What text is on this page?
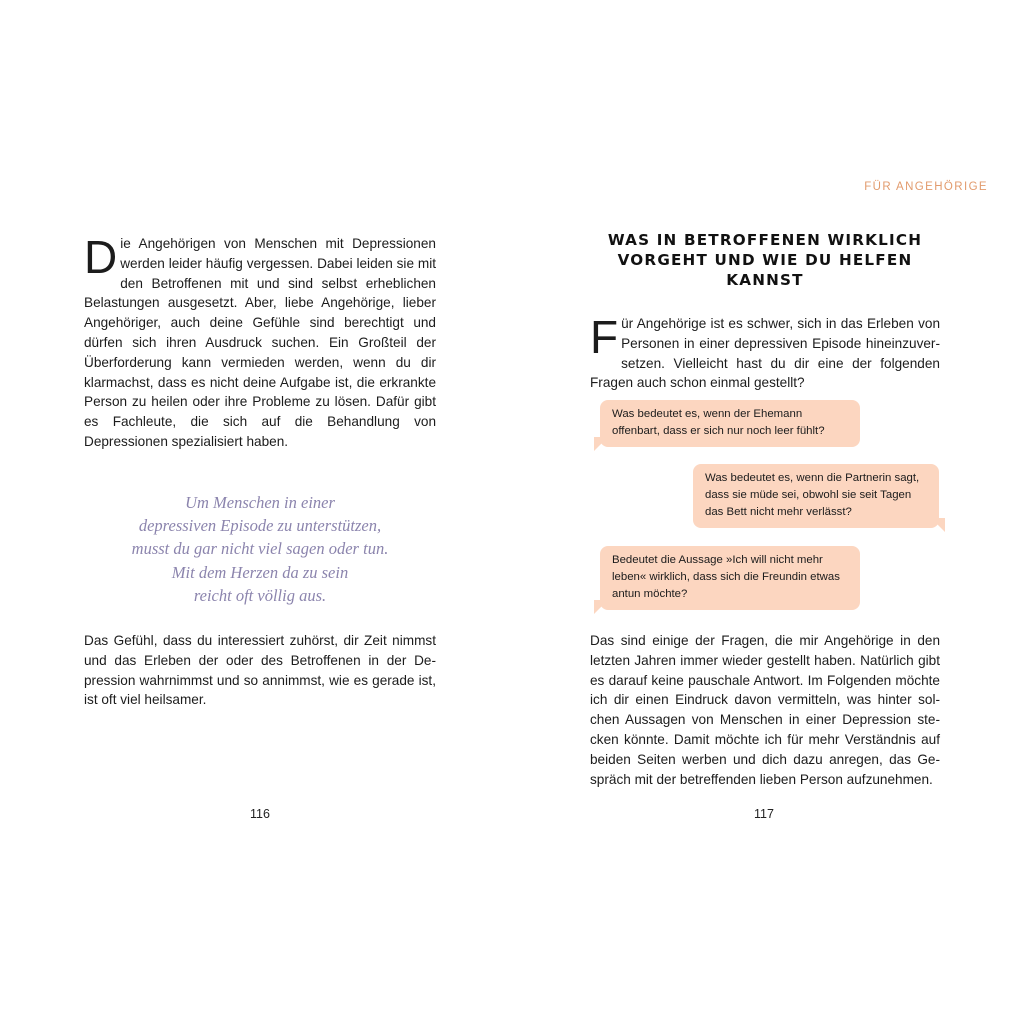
Die Angehörigen von Menschen mit Depressionen werden leider häufig vergessen. Dabei leiden sie mit den Betroffenen mit und sind selbst erheblichen Belastungen ausgesetzt. Aber, liebe Angehörige, lieber Angehöriger, auch deine Gefühle sind berechtigt und dürfen sich ihren Ausdruck suchen. Ein Großteil der Überforderung kann vermieden werden, wenn du dir klarmachst, dass es nicht deine Aufgabe ist, die erkrankte Person zu heilen oder ihre Probleme zu lösen. Dafür gibt es Fachleute, die sich auf die Behandlung von Depressionen spezialisiert haben.

Um Menschen in einer
depressiven Episode zu unterstützen,
musst du gar nicht viel sagen oder tun.
Mit dem Herzen da zu sein
reicht oft völlig aus.

Das Gefühl, dass du interessiert zuhörst, dir Zeit nimmst und das Erleben der oder des Betroffenen in der Depression wahrnimmst und so annimmst, wie es gerade ist, ist oft viel heilsamer.

116
FÜR ANGEHÖRIGE
WAS IN BETROFFENEN WIRKLICH
VORGEHT UND WIE DU HELFEN KANNST

Für Angehörige ist es schwer, sich in das Erleben von Personen in einer depressiven Episode hineinzuversetzen. Vielleicht hast du dir eine der folgenden Fragen auch schon einmal gestellt?

Was bedeutet es, wenn der Ehemann offenbart, dass er sich nur noch leer fühlt?
Was bedeutet es, wenn die Partnerin sagt, dass sie müde sei, obwohl sie seit Tagen das Bett nicht mehr verlässt?
Bedeutet die Aussage »Ich will nicht mehr leben« wirklich, dass sich die Freundin etwas antun möchte?

Das sind einige der Fragen, die mir Angehörige in den letzten Jahren immer wieder gestellt haben. Natürlich gibt es darauf keine pauschale Antwort. Im Folgenden möchte ich dir einen Eindruck davon vermitteln, was hinter solchen Aussagen von Menschen in einer Depression stecken könnte. Damit möchte ich für mehr Verständnis auf beiden Seiten werben und dich dazu anregen, das Gespräch mit der betreffenden lieben Person aufzunehmen.

117
